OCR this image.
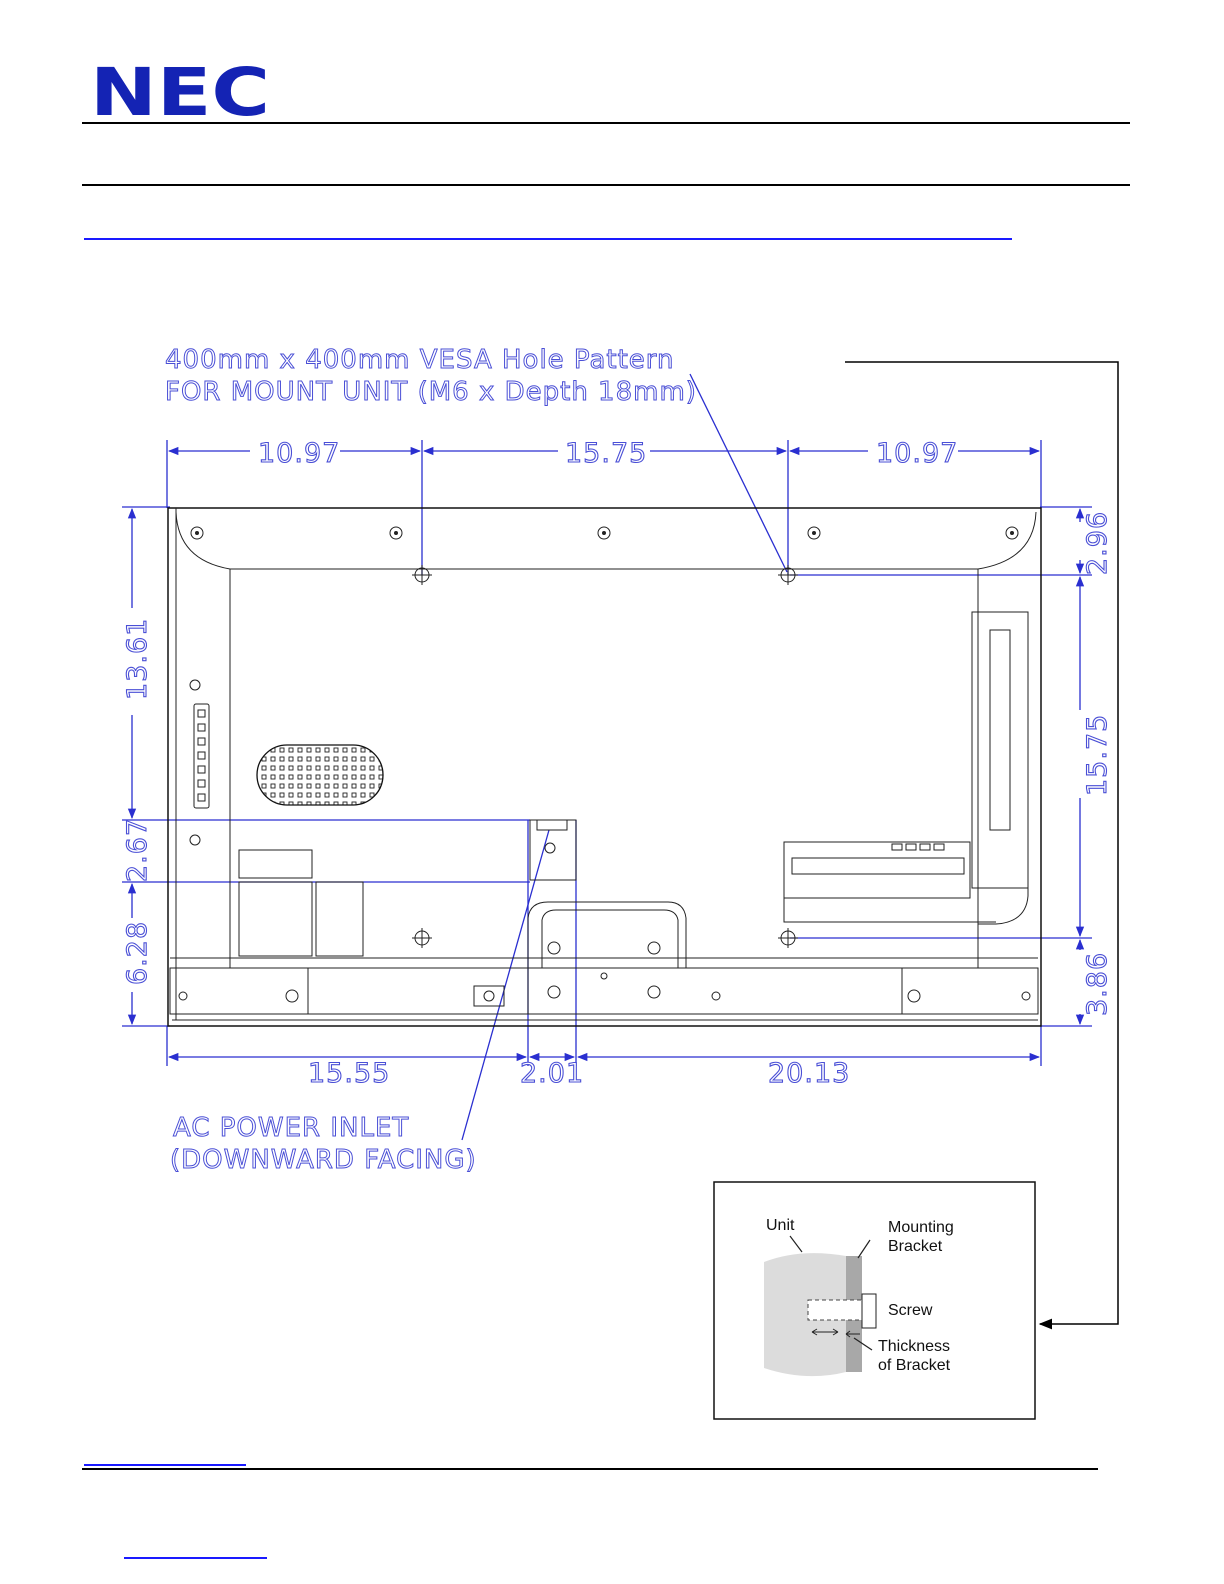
NEC
400mm x 400mm VESA Hole Pattern
FOR MOUNT UNIT (M6 x Depth 18mm)
10.97	15.75	10.97
13.61
2.67
6.28
2.96
15.75
3.86
15.55	2.01	20.13
AC POWER INLET
(DOWNWARD FACING)
Unit	Mounting
Bracket
Screw
Thickness
of Bracket
